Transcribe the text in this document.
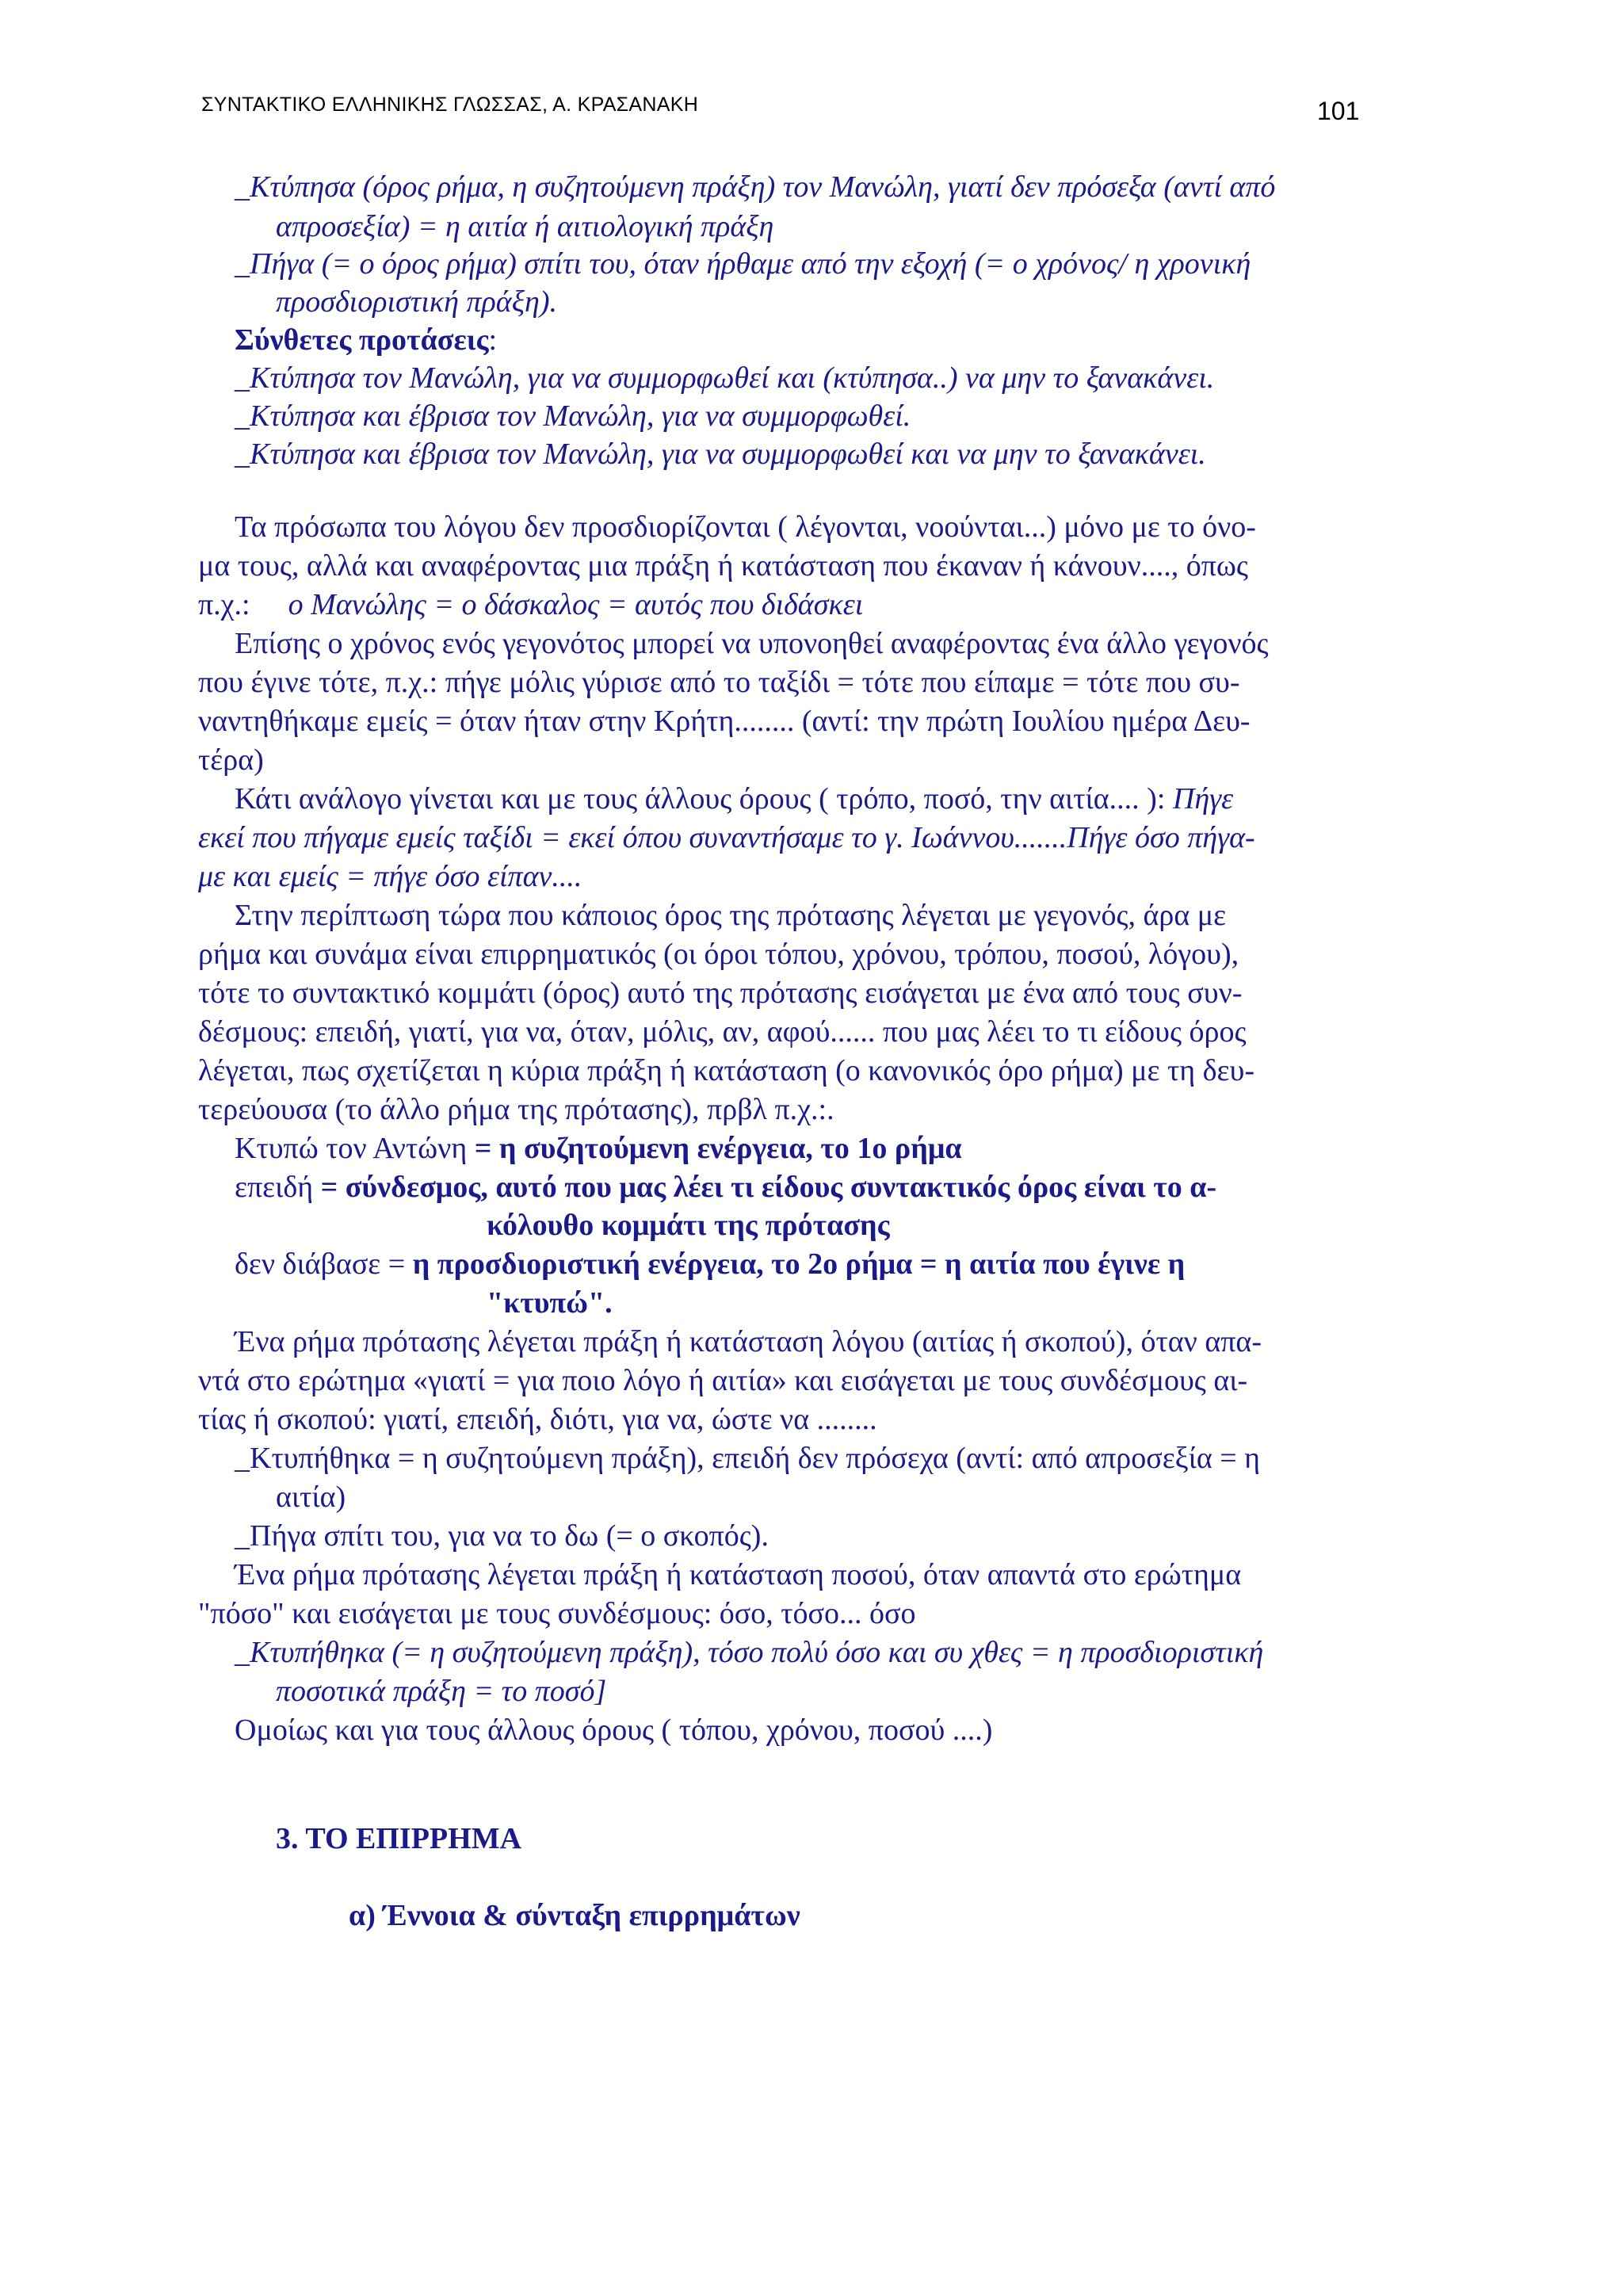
ΣΥΝΤΑΚΤΙΚΟ ΕΛΛΗΝΙΚΗΣ ΓΛΩΣΣΑΣ, Α. ΚΡΑΣΑΝΑΚΗ	101
_Κτύπησα (όρος ρήμα, η συζητούμενη πράξη) τον Μανώλη, γιατί δεν πρόσεξα (αντί από
απροσεξία) = η αιτία ή αιτιολογική πράξη
_Πήγα (= ο όρος ρήμα) σπίτι του, όταν ήρθαμε από την εξοχή (= ο χρόνος/ η χρονική
προσδιοριστική πράξη).
Σύνθετες προτάσεις:
_Κτύπησα τον Μανώλη, για να συμμορφωθεί και (κτύπησα..) να μην το ξανακάνει.
_Κτύπησα και έβρισα τον Μανώλη, για να συμμορφωθεί.
_Κτύπησα και έβρισα τον Μανώλη, για να συμμορφωθεί και να μην το ξανακάνει.
Τα πρόσωπα του λόγου δεν προσδιορίζονται ( λέγονται, νοούνται...) μόνο με το όνο-
μα τους, αλλά και αναφέροντας μια πράξη ή κατάσταση που έκαναν ή κάνουν...., όπως
π.χ.: ο Μανώλης = ο δάσκαλος = αυτός που διδάσκει
Επίσης ο χρόνος ενός γεγονότος μπορεί να υπονοηθεί αναφέροντας ένα άλλο γεγονός
που έγινε τότε, π.χ.: πήγε μόλις γύρισε από το ταξίδι = τότε που είπαμε = τότε που συ-
ναντηθήκαμε εμείς = όταν ήταν στην Κρήτη........ (αντί: την πρώτη Ιουλίου ημέρα Δευ-
τέρα)
Κάτι ανάλογο γίνεται και με τους άλλους όρους ( τρόπο, ποσό, την αιτία.... ): Πήγε
εκεί που πήγαμε εμείς ταξίδι = εκεί όπου συναντήσαμε το γ. Ιωάννου.......Πήγε όσο πήγα-
με και εμείς = πήγε όσο είπαν....
Στην περίπτωση τώρα που κάποιος όρος της πρότασης λέγεται με γεγονός, άρα με
ρήμα και συνάμα είναι επιρρηματικός (οι όροι τόπου, χρόνου, τρόπου, ποσού, λόγου),
τότε το συντακτικό κομμάτι (όρος) αυτό της πρότασης εισάγεται με ένα από τους συν-
δέσμους: επειδή, γιατί, για να, όταν, μόλις, αν, αφού...... που μας λέει το τι είδους όρος
λέγεται, πως σχετίζεται η κύρια πράξη ή κατάσταση (ο κανονικός όρο ρήμα) με τη δευ-
τερεύουσα (το άλλο ρήμα της πρότασης), πρβλ π.χ.:.
Κτυπώ τον Αντώνη = η συζητούμενη ενέργεια, το 1ο ρήμα
επειδή = σύνδεσμος, αυτό που μας λέει τι είδους συντακτικός όρος είναι το α-
κόλουθο κομμάτι της πρότασης
δεν διάβασε = η προσδιοριστική ενέργεια, το 2ο ρήμα = η αιτία που έγινε η
"κτυπώ".
Ένα ρήμα πρότασης λέγεται πράξη ή κατάσταση λόγου (αιτίας ή σκοπού), όταν απα-
ντά στο ερώτημα «γιατί = για ποιο λόγο ή αιτία» και εισάγεται με τους συνδέσμους αι-
τίας ή σκοπού: γιατί, επειδή, διότι, για να, ώστε να ........
_Κτυπήθηκα = η συζητούμενη πράξη), επειδή δεν πρόσεχα (αντί: από απροσεξία = η
αιτία)
_Πήγα σπίτι του, για να το δω (= ο σκοπός).
Ένα ρήμα πρότασης λέγεται πράξη ή κατάσταση ποσού, όταν απαντά στο ερώτημα
"πόσο" και εισάγεται με τους συνδέσμους: όσο, τόσο... όσο
_Κτυπήθηκα (= η συζητούμενη πράξη), τόσο πολύ όσο και συ χθες = η προσδιοριστική
ποσοτικά πράξη = το ποσό]
Ομοίως και για τους άλλους όρους ( τόπου, χρόνου, ποσού ....)
3. ΤΟ ΕΠΙΡΡΗΜΑ
α) Έννοια & σύνταξη επιρρημάτων
